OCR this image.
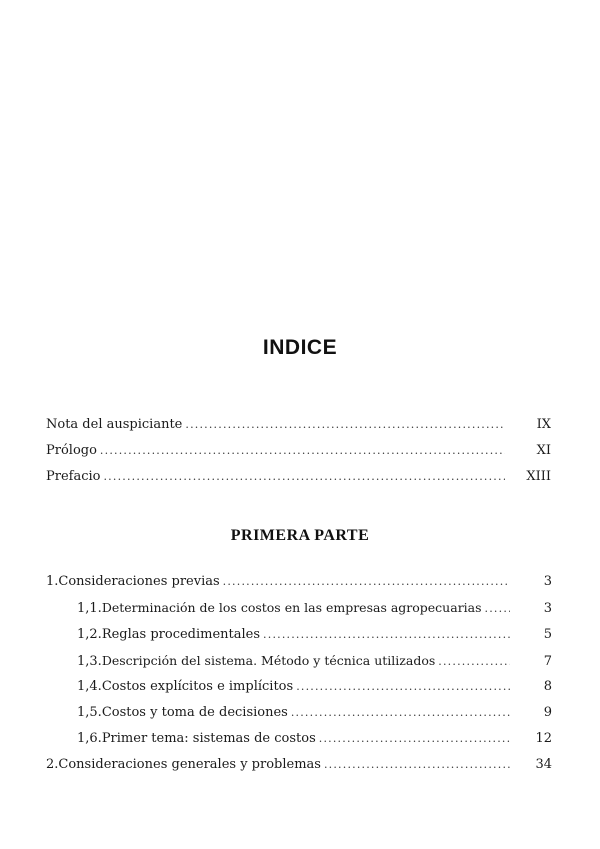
INDICE
Nota del auspiciante .....	IX
Prólogo .....	XI
Prefacio .....	XIII
PRIMERA PARTE
1. Consideraciones previas .....	3
1,1. Determinación de los costos en las empresas agropecuarias .....	3
1,2. Reglas procedimentales .....	5
1,3. Descripción del sistema. Método y técnica utilizados .....	7
1,4. Costos explícitos e implícitos .....	8
1,5. Costos y toma de decisiones .....	9
1,6. Primer tema: sistemas de costos .....	12
2. Consideraciones generales y problemas .....	34
